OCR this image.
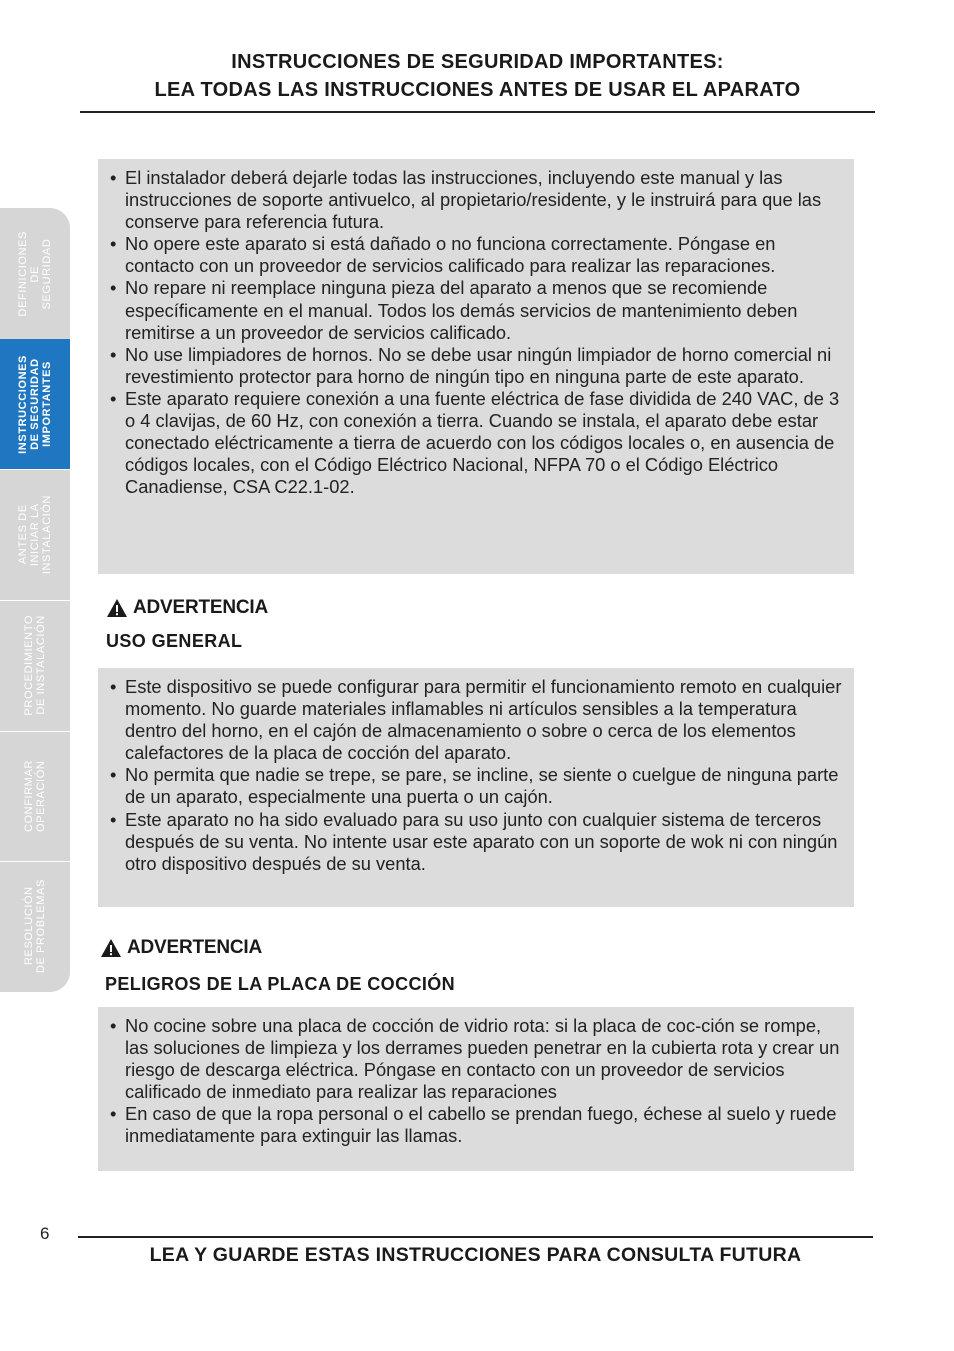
INSTRUCCIONES DE SEGURIDAD IMPORTANTES:
LEA TODAS LAS INSTRUCCIONES ANTES DE USAR EL APARATO
DEFINICIONES
DE
SEGURIDAD
INSTRUCCIONES
DE SEGURIDAD
IMPORTANTES
ANTES DE
INICIAR LA
INSTALACIÓN
PROCEDIMIENTO
DE INSTALACIÓN
CONFIRMAR
OPERACIÓN
RESOLUCIÓN
DE PROBLEMAS
• El instalador deberá dejarle todas las instrucciones, incluyendo este manual y las instrucciones de soporte antivuelco, al propietario/residente, y le instruirá para que las conserve para referencia futura.
• No opere este aparato si está dañado o no funciona correctamente. Póngase en contacto con un proveedor de servicios calificado para realizar las reparaciones.
• No repare ni reemplace ninguna pieza del aparato a menos que se recomiende específicamente en el manual. Todos los demás servicios de mantenimiento deben remitirse a un proveedor de servicios calificado.
• No use limpiadores de hornos. No se debe usar ningún limpiador de horno comercial ni revestimiento protector para horno de ningún tipo en ninguna parte de este aparato.
• Este aparato requiere conexión a una fuente eléctrica de fase dividida de 240 VAC, de 3 o 4 clavijas, de 60 Hz, con conexión a tierra. Cuando se instala, el aparato debe estar conectado eléctricamente a tierra de acuerdo con los códigos locales o, en ausencia de códigos locales, con el Código Eléctrico Nacional, NFPA 70 o el Código Eléctrico Canadiense, CSA C22.1-02.
ADVERTENCIA
USO GENERAL
• Este dispositivo se puede configurar para permitir el funcionamiento remoto en cualquier momento. No guarde materiales inflamables ni artículos sensibles a la temperatura dentro del horno, en el cajón de almacenamiento o sobre o cerca de los elementos calefactores de la placa de cocción del aparato.
• No permita que nadie se trepe, se pare, se incline, se siente o cuelgue de ninguna parte de un aparato, especialmente una puerta o un cajón.
• Este aparato no ha sido evaluado para su uso junto con cualquier sistema de terceros después de su venta. No intente usar este aparato con un soporte de wok ni con ningún otro dispositivo después de su venta.
ADVERTENCIA
PELIGROS DE LA PLACA DE COCCIÓN
• No cocine sobre una placa de cocción de vidrio rota: si la placa de coc-ción se rompe, las soluciones de limpieza y los derrames pueden penetrar en la cubierta rota y crear un riesgo de descarga eléctrica. Póngase en contacto con un proveedor de servicios calificado de inmediato para realizar las reparaciones
• En caso de que la ropa personal o el cabello se prendan fuego, échese al suelo y ruede inmediatamente para extinguir las llamas.
6
LEA Y GUARDE ESTAS INSTRUCCIONES PARA CONSULTA FUTURA
